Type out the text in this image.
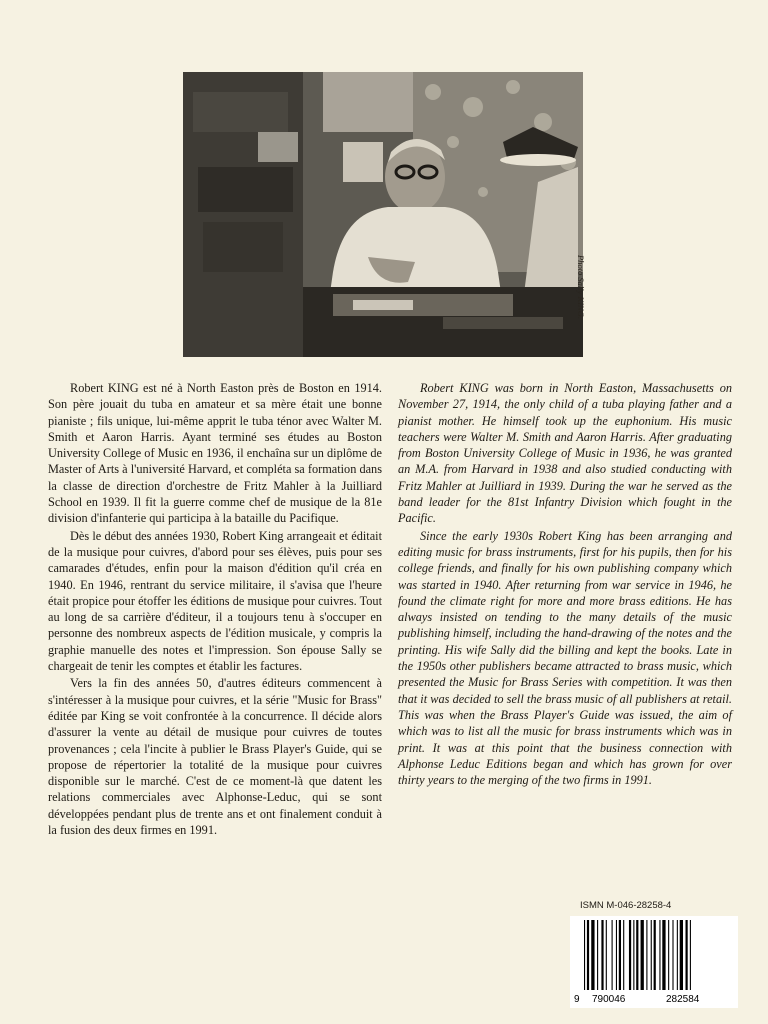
Photo Sally KING.

Robert KING est né à North Easton près de Boston en 1914. Son père jouait du tuba en amateur et sa mère était une bonne pianiste ; fils unique, lui-même apprit le tuba ténor avec Walter M. Smith et Aaron Harris. Ayant terminé ses études au Boston University College of Music en 1936, il enchaîna sur un diplôme de Master of Arts à l'université Harvard, et compléta sa formation dans la classe de direction d'orchestre de Fritz Mahler à la Juilliard School en 1939. Il fit la guerre comme chef de musique de la 81e division d'infanterie qui participa à la bataille du Pacifique.

Dès le début des années 1930, Robert King arrangeait et éditait de la musique pour cuivres, d'abord pour ses élèves, puis pour ses camarades d'études, enfin pour la maison d'édition qu'il créa en 1940. En 1946, rentrant du service militaire, il s'avisa que l'heure était propice pour étoffer les éditions de musique pour cuivres. Tout au long de sa carrière d'éditeur, il a toujours tenu à s'occuper en personne des nombreux aspects de l'édition musicale, y compris la graphie manuelle des notes et l'impression. Son épouse Sally se chargeait de tenir les comptes et établir les factures.

Vers la fin des années 50, d'autres éditeurs commencent à s'intéresser à la musique pour cuivres, et la série "Music for Brass" éditée par King se voit confrontée à la concurrence. Il décide alors d'assurer la vente au détail de musique pour cuivres de toutes provenances ; cela l'incite à publier le Brass Player's Guide, qui se propose de répertorier la totalité de la musique pour cuivres disponible sur le marché. C'est de ce moment-là que datent les relations commerciales avec Alphonse-Leduc, qui se sont développées pendant plus de trente ans et ont finalement conduit à la fusion des deux firmes en 1991.

Robert KING was born in North Easton, Massachusetts on November 27, 1914, the only child of a tuba playing father and a pianist mother. He himself took up the euphonium. His music teachers were Walter M. Smith and Aaron Harris. After graduating from Boston University College of Music in 1936, he was granted an M.A. from Harvard in 1938 and also studied conducting with Fritz Mahler at Juilliard in 1939. During the war he served as the band leader for the 81st Infantry Division which fought in the Pacific.

Since the early 1930s Robert King has been arranging and editing music for brass instruments, first for his pupils, then for his college friends, and finally for his own publishing company which was started in 1940. After returning from war service in 1946, he found the climate right for more and more brass editions. He has always insisted on tending to the many details of the music publishing himself, including the hand-drawing of the notes and the printing. His wife Sally did the billing and kept the books. Late in the 1950s other publishers became attracted to brass music, which presented the Music for Brass Series with competition. It was then that it was decided to sell the brass music of all publishers at retail. This was when the Brass Player's Guide was issued, the aim of which was to list all the music for brass instruments which was in print. It was at this point that the business connection with Alphonse Leduc Editions began and which has grown for over thirty years to the merging of the two firms in 1991.

ISMN M-046-28258-4
9 790046	282584
